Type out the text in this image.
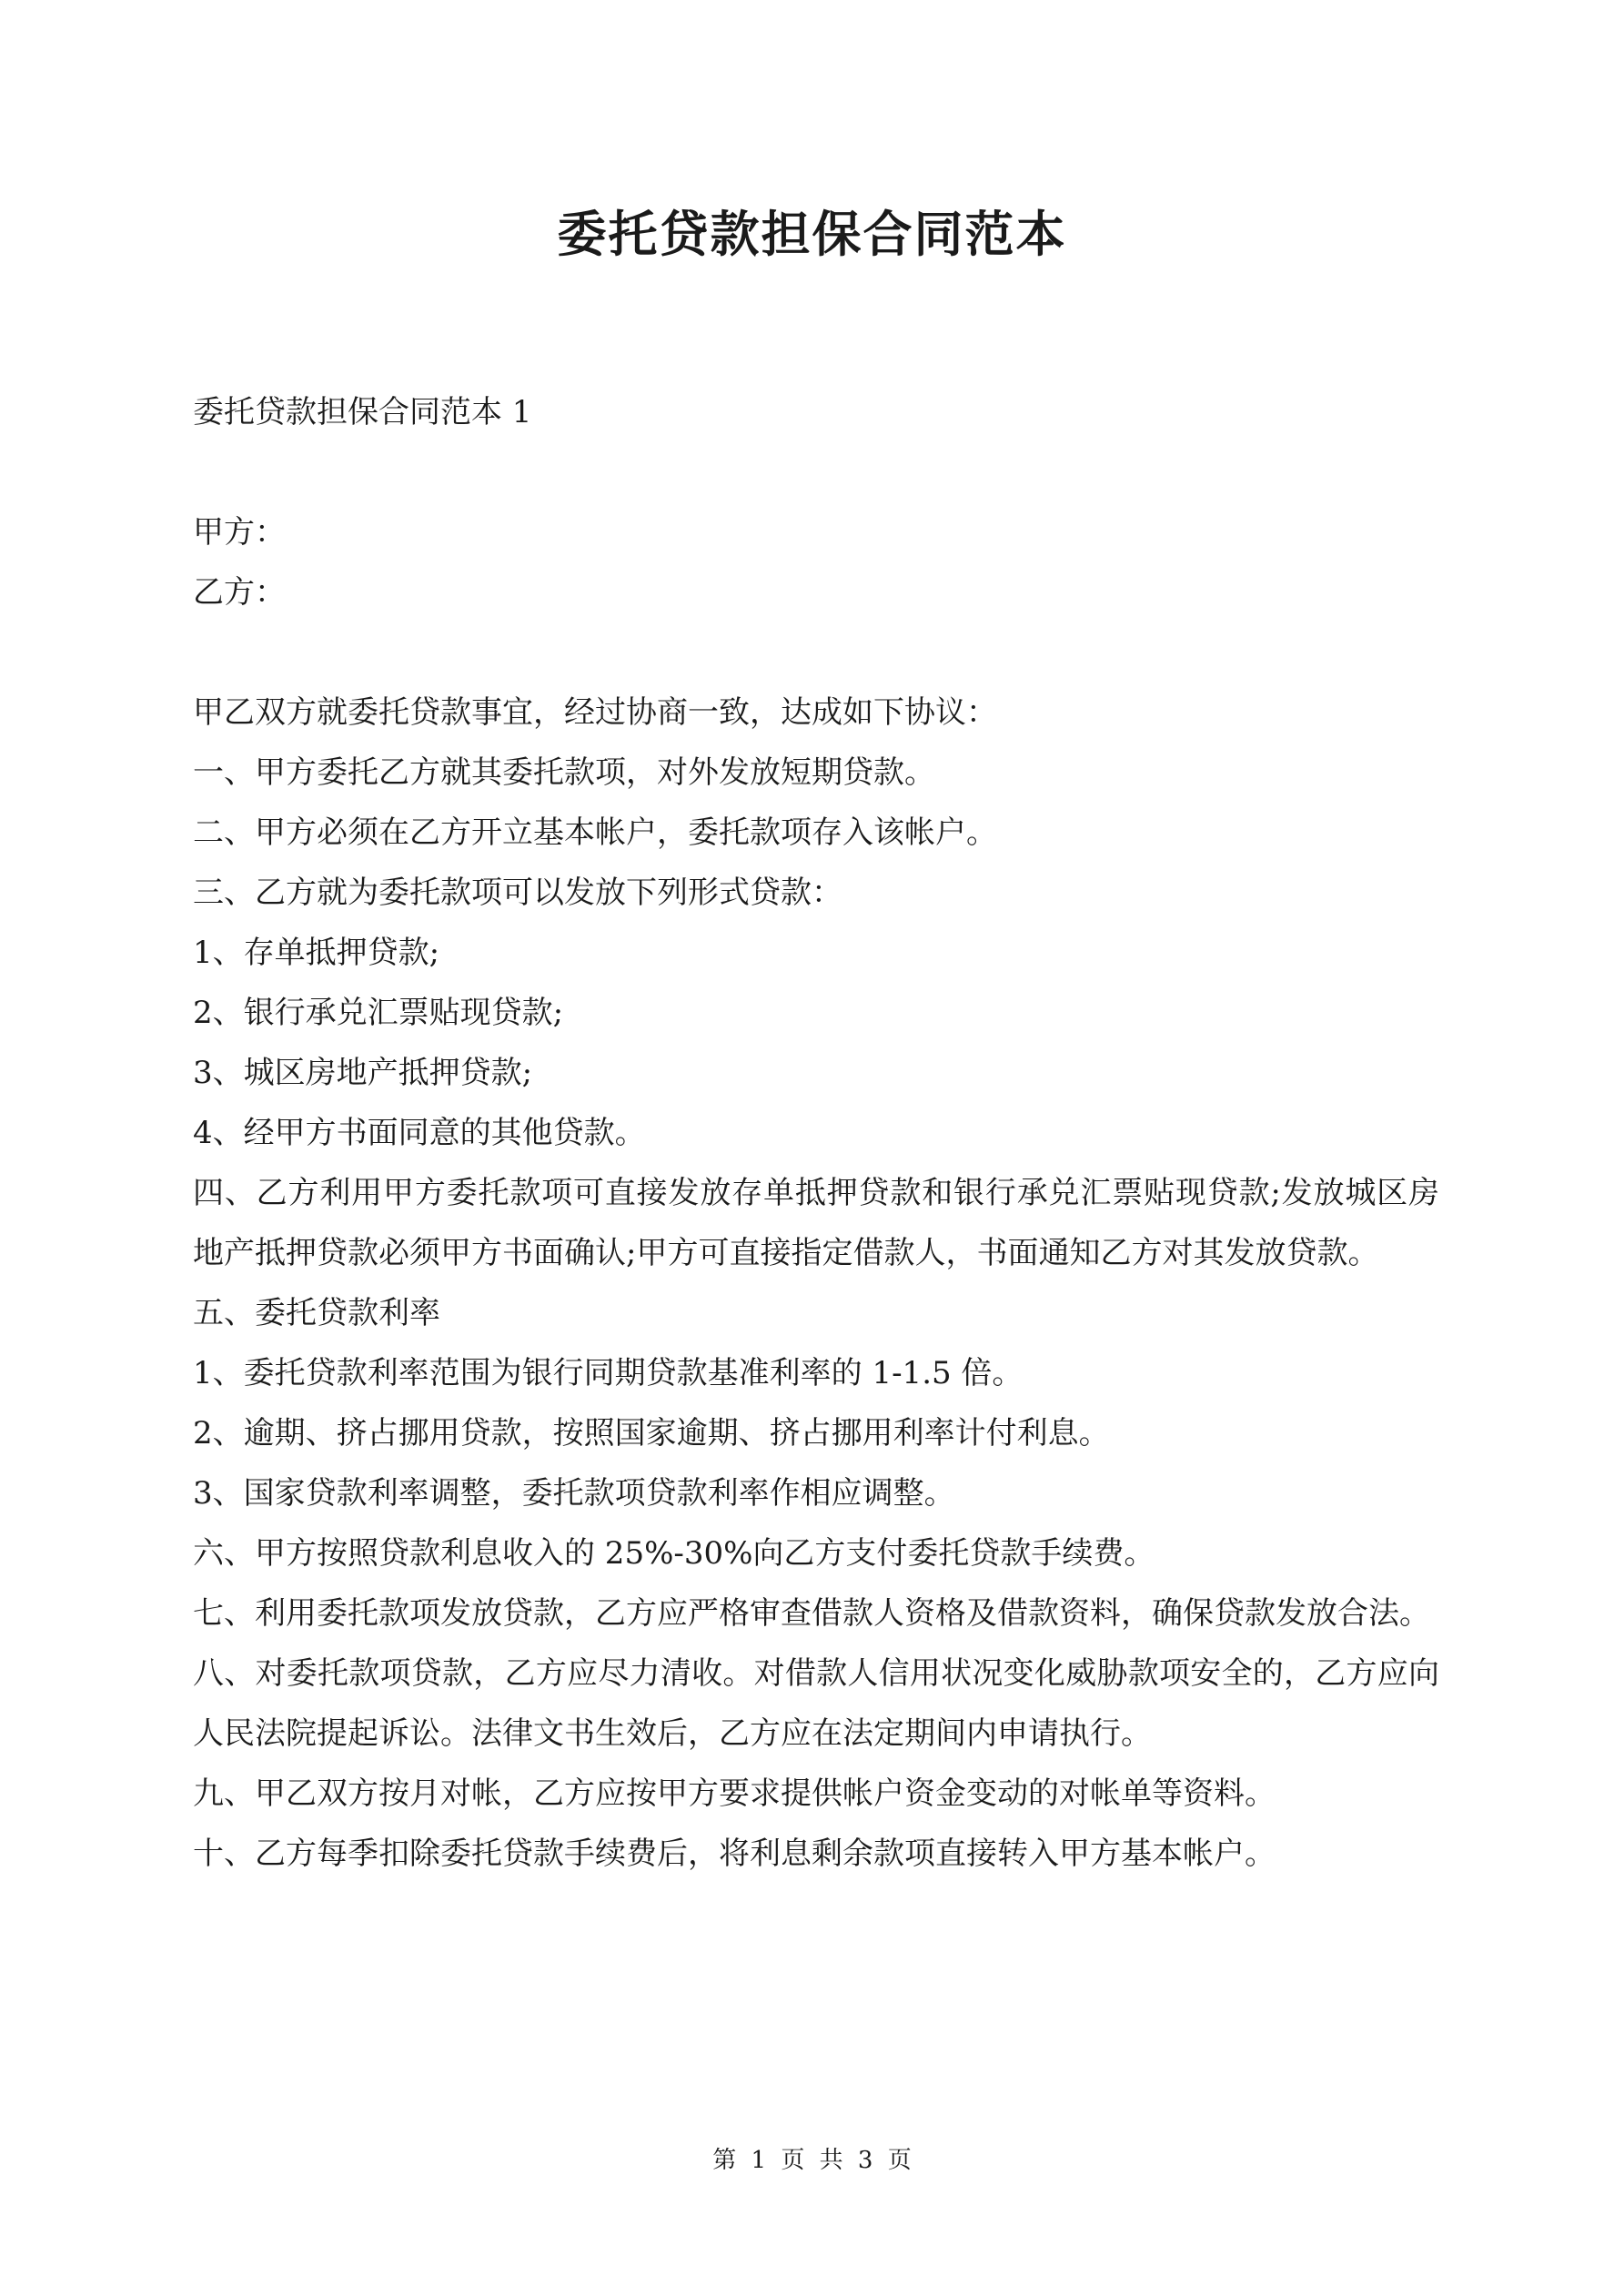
委托贷款担保合同范本

委托贷款担保合同范本 1

甲方：

乙方：

甲乙双方就委托贷款事宜，经过协商一致，达成如下协议：

一、甲方委托乙方就其委托款项，对外发放短期贷款。

二、甲方必须在乙方开立基本帐户，委托款项存入该帐户。

三、乙方就为委托款项可以发放下列形式贷款：

1、存单抵押贷款;

2、银行承兑汇票贴现贷款;

3、城区房地产抵押贷款;

4、经甲方书面同意的其他贷款。

四、乙方利用甲方委托款项可直接发放存单抵押贷款和银行承兑汇票贴现贷款;发放城区房地产抵押贷款必须甲方书面确认;甲方可直接指定借款人，书面通知乙方对其发放贷款。

五、委托贷款利率

1、委托贷款利率范围为银行同期贷款基准利率的 1-1.5 倍。

2、逾期、挤占挪用贷款，按照国家逾期、挤占挪用利率计付利息。

3、国家贷款利率调整，委托款项贷款利率作相应调整。

六、甲方按照贷款利息收入的 25%-30%向乙方支付委托贷款手续费。

七、利用委托款项发放贷款，乙方应严格审查借款人资格及借款资料，确保贷款发放合法。

八、对委托款项贷款，乙方应尽力清收。对借款人信用状况变化威胁款项安全的，乙方应向人民法院提起诉讼。法律文书生效后，乙方应在法定期间内申请执行。

九、甲乙双方按月对帐，乙方应按甲方要求提供帐户资金变动的对帐单等资料。

十、乙方每季扣除委托贷款手续费后，将利息剩余款项直接转入甲方基本帐户。

第 1 页 共 3 页
